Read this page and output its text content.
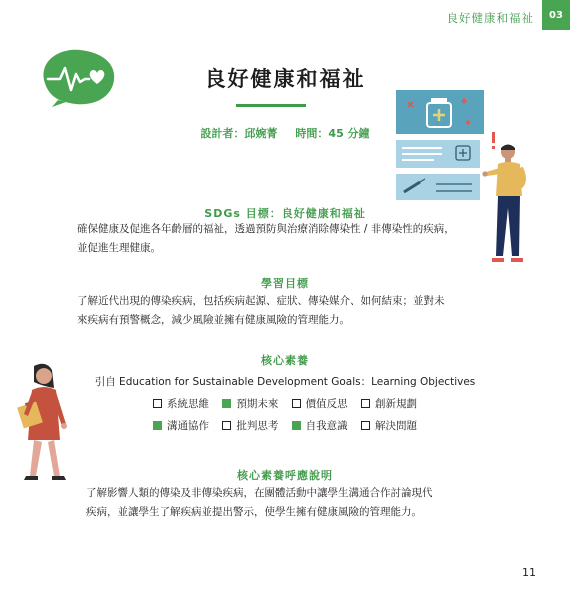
良好健康和福祉	03
良好健康和福祉
設計者：邱婉菁 時間：45 分鐘
SDGs 目標：良好健康和福祉
確保健康及促進各年齡層的福祉，透過預防與治療消除傳染性 / 非傳染性的疾病，
並促進生理健康。
學習目標
了解近代出現的傳染疾病，包括疾病起源、症狀、傳染媒介、如何結束；並對未
來疾病有預警概念，減少風險並擁有健康風險的管理能力。
核心素養
引自 Education for Sustainable Development Goals：Learning Objectives
系統思維	預期未來	價值反思	創新規劃
溝通協作	批判思考	自我意識	解決問題
核心素養呼應說明
了解影響人類的傳染及非傳染疾病，在團體活動中讓學生溝通合作討論現代
疾病，並讓學生了解疾病並提出警示，使學生擁有健康風險的管理能力。
11
